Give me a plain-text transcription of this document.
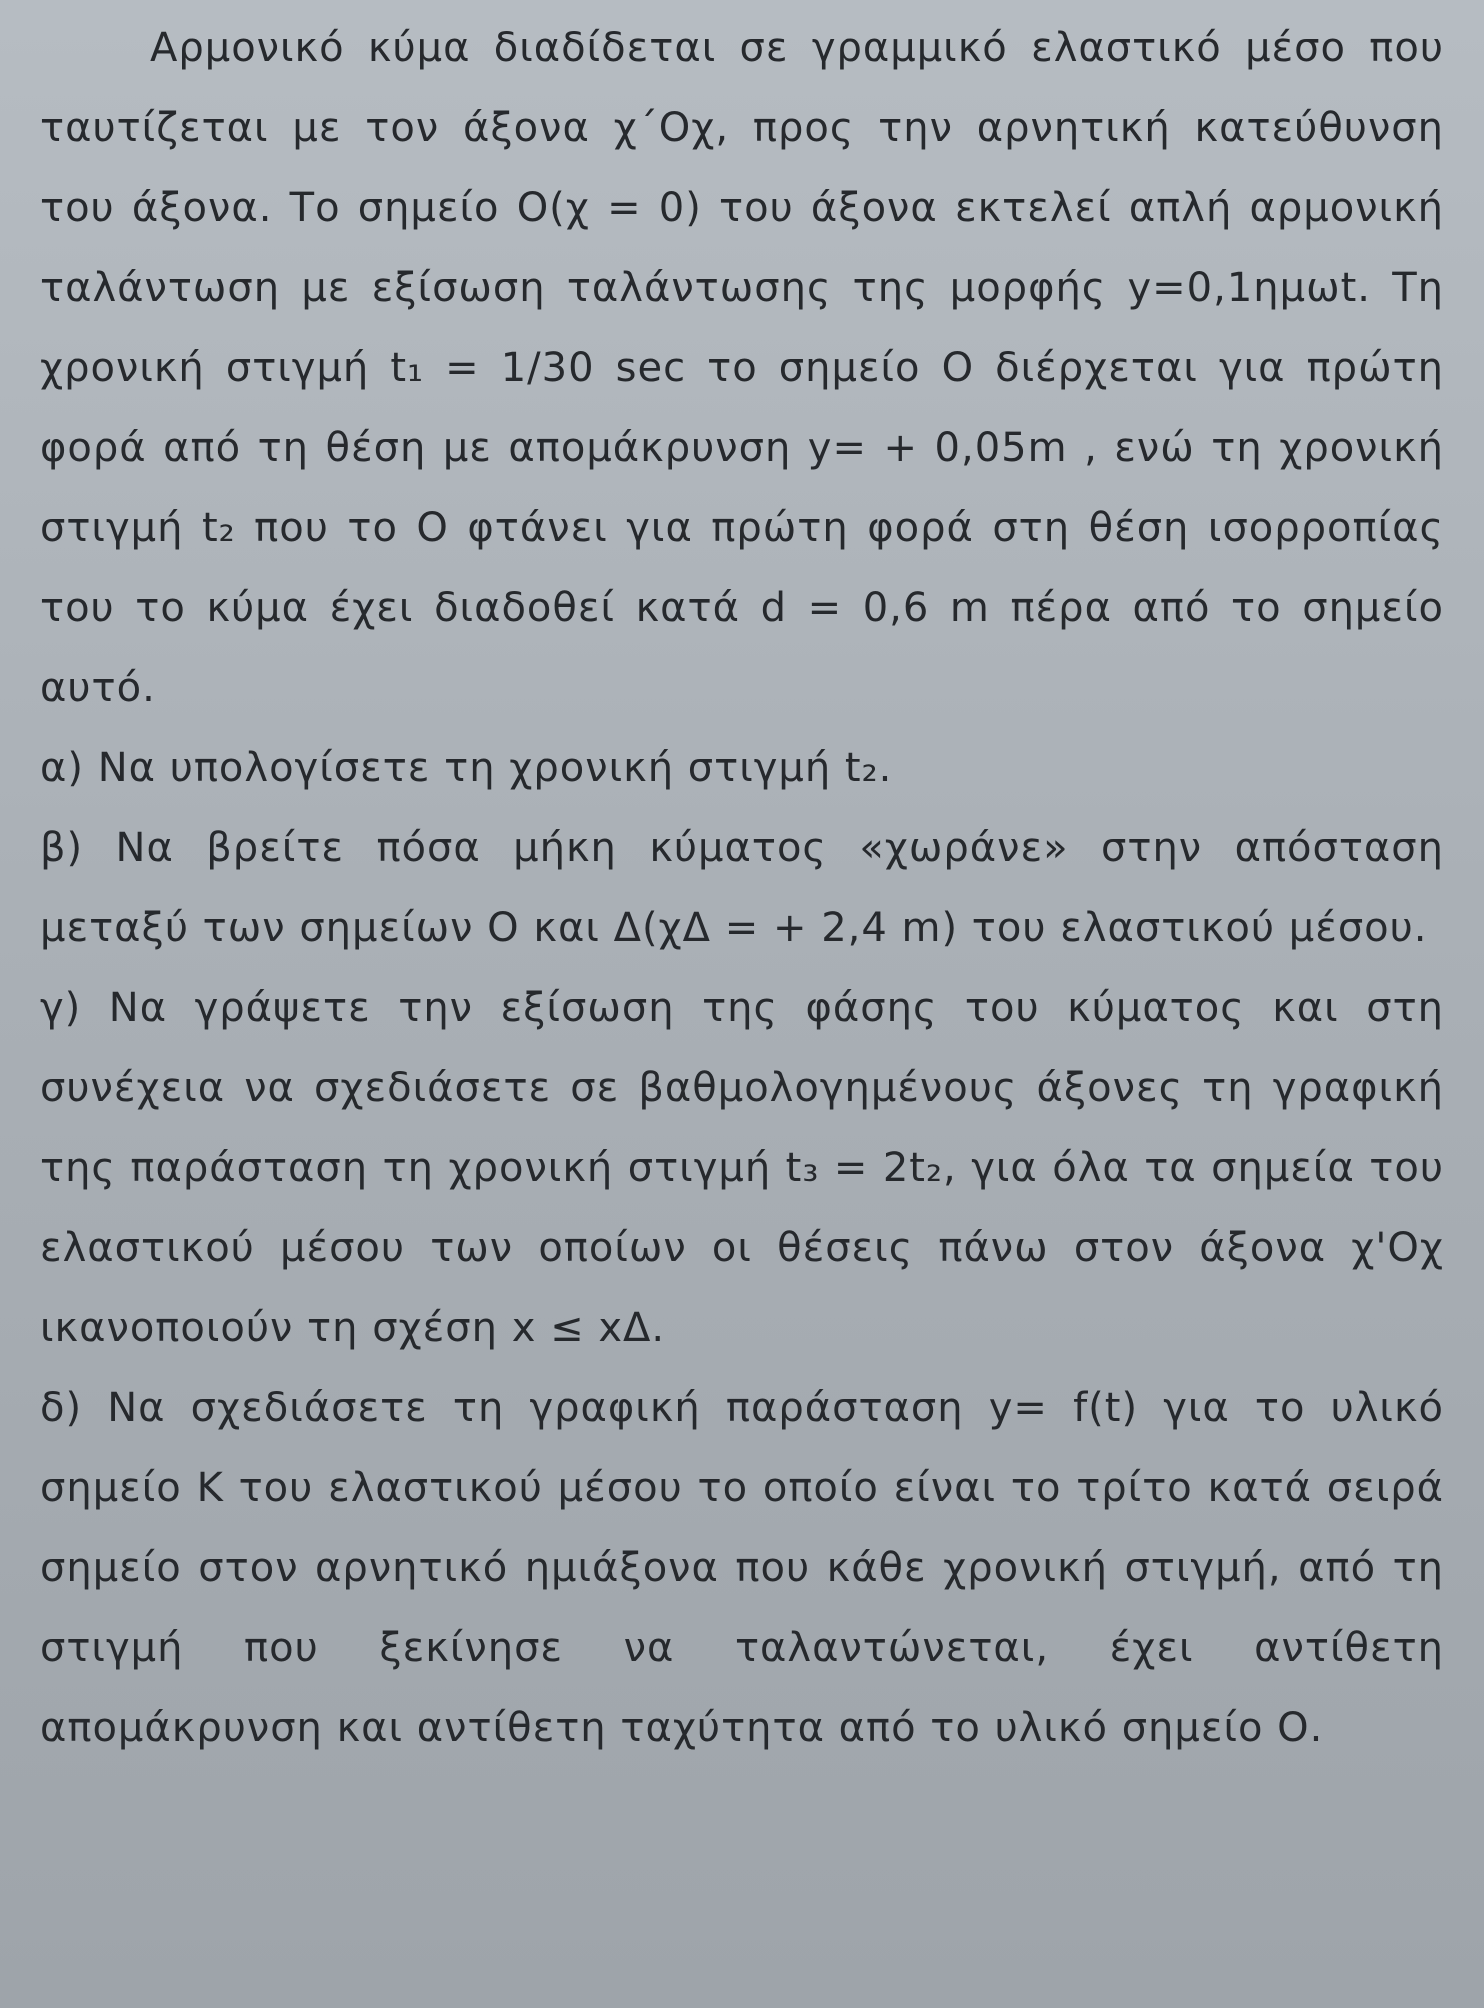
Αρμονικό κύμα διαδίδεται σε γραμμικό ελαστικό μέσο που ταυτίζεται με τον άξονα χ΄Οχ, προς την αρνητική κατεύθυνση του άξονα. Το σημείο Ο(χ = 0) του άξονα εκτελεί απλή αρμονική ταλάντωση με εξίσωση ταλάντωσης της μορφής y=0,1ημωt. Τη χρονική στιγμή t₁ = 1/30 sec το σημείο Ο διέρχεται για πρώτη φορά από τη θέση με απομάκρυνση y= + 0,05m , ενώ τη χρονική στιγμή t₂ που το Ο φτάνει για πρώτη φορά στη θέση ισορροπίας του το κύμα έχει διαδοθεί κατά d = 0,6 m πέρα από το σημείο αυτό.

α) Να υπολογίσετε τη χρονική στιγμή t₂.

β) Να βρείτε πόσα μήκη κύματος «χωράνε» στην απόσταση μεταξύ των σημείων Ο και Δ(χΔ = + 2,4 m) του ελαστικού μέσου.

γ) Να γράψετε την εξίσωση της φάσης του κύματος και στη συνέχεια να σχεδιάσετε σε βαθμολογημένους άξονες τη γραφική της παράσταση τη χρονική στιγμή t₃ = 2t₂, για όλα τα σημεία του ελαστικού μέσου των οποίων οι θέσεις πάνω στον άξονα χ'Οχ ικανοποιούν τη σχέση x ≤ xΔ.

δ) Να σχεδιάσετε τη γραφική παράσταση y= f(t) για το υλικό σημείο Κ του ελαστικού μέσου το οποίο είναι το τρίτο κατά σειρά σημείο στον αρνητικό ημιάξονα που κάθε χρονική στιγμή, από τη στιγμή που ξεκίνησε να ταλαντώνεται, έχει αντίθετη απομάκρυνση και αντίθετη ταχύτητα από το υλικό σημείο Ο.
